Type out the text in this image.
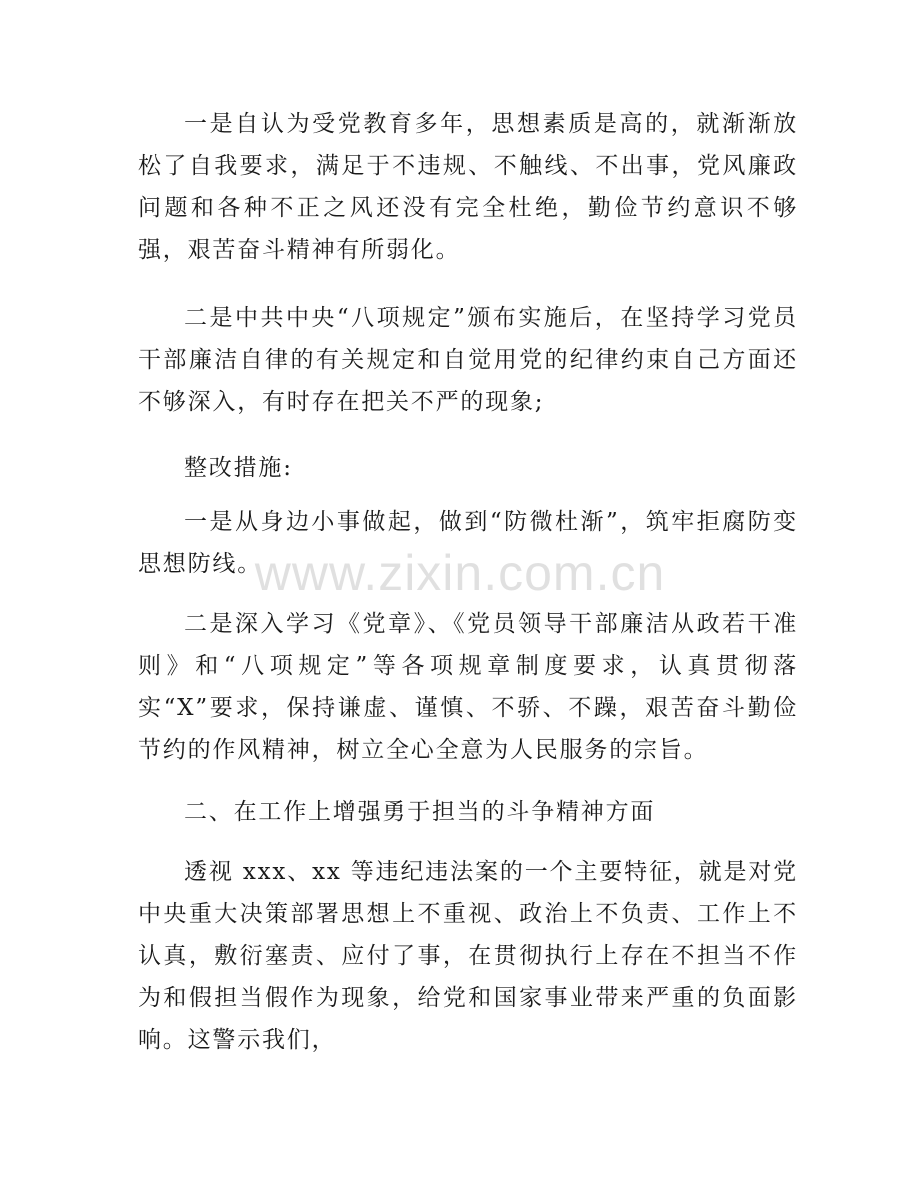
一是自认为受党教育多年，思想素质是高的，就渐渐放松了自我要求，满足于不违规、不触线、不出事，党风廉政问题和各种不正之风还没有完全杜绝，勤俭节约意识不够强，艰苦奋斗精神有所弱化。

二是中共中央“八项规定”颁布实施后，在坚持学习党员干部廉洁自律的有关规定和自觉用党的纪律约束自己方面还不够深入，有时存在把关不严的现象;

整改措施:

一是从身边小事做起，做到“防微杜渐”，筑牢拒腐防变思想防线。

二是深入学习《党章》、《党员领导干部廉洁从政若干准则》和“八项规定”等各项规章制度要求，认真贯彻落实“X”要求，保持谦虚、谨慎、不骄、不躁，艰苦奋斗勤俭节约的作风精神，树立全心全意为人民服务的宗旨。

二、在工作上增强勇于担当的斗争精神方面

透视 xxx、xx 等违纪违法案的一个主要特征，就是对党中央重大决策部署思想上不重视、政治上不负责、工作上不认真，敷衍塞责、应付了事，在贯彻执行上存在不担当不作为和假担当假作为现象，给党和国家事业带来严重的负面影响。这警示我们，

www.zixin.com.cn
